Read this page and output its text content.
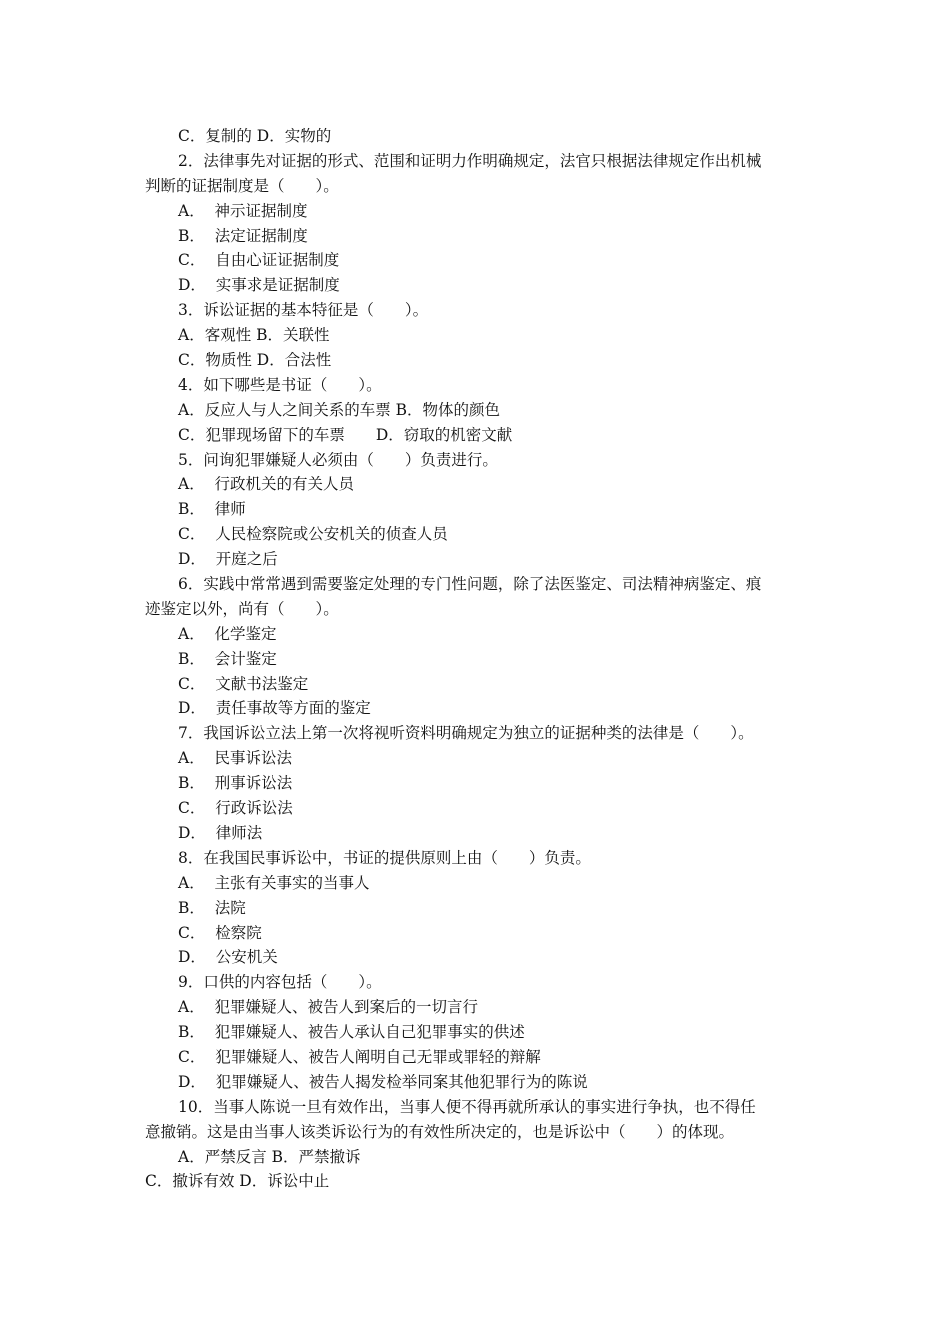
C．复制的 D．实物的
2．法律事先对证据的形式、范围和证明力作明确规定，法官只根据法律规定作出机械
判断的证据制度是（　　）。
A．  神示证据制度
B．  法定证据制度
C．  自由心证证据制度
D．  实事求是证据制度
3．诉讼证据的基本特征是（　　）。
A．客观性 B．关联性
C．物质性 D．合法性
4．如下哪些是书证（　　）。
A．反应人与人之间关系的车票 B．物体的颜色
C．犯罪现场留下的车票　　D．窃取的机密文献
5．问询犯罪嫌疑人必须由（　　）负责进行。
A．  行政机关的有关人员
B．  律师
C．  人民检察院或公安机关的侦查人员
D．  开庭之后
6．实践中常常遇到需要鉴定处理的专门性问题，除了法医鉴定、司法精神病鉴定、痕
迹鉴定以外，尚有（　　）。
A．  化学鉴定
B．  会计鉴定
C．  文献书法鉴定
D．  责任事故等方面的鉴定
7．我国诉讼立法上第一次将视听资料明确规定为独立的证据种类的法律是（　　）。
A．  民事诉讼法
B．  刑事诉讼法
C．  行政诉讼法
D．  律师法
8．在我国民事诉讼中，书证的提供原则上由（　　）负责。
A．  主张有关事实的当事人
B．  法院
C．  检察院
D．  公安机关
9．口供的内容包括（　　）。
A．  犯罪嫌疑人、被告人到案后的一切言行
B．  犯罪嫌疑人、被告人承认自己犯罪事实的供述
C．  犯罪嫌疑人、被告人阐明自己无罪或罪轻的辩解
D．  犯罪嫌疑人、被告人揭发检举同案其他犯罪行为的陈说
10．当事人陈说一旦有效作出，当事人便不得再就所承认的事实进行争执，也不得任
意撤销。这是由当事人该类诉讼行为的有效性所决定的，也是诉讼中（　　）的体现。
A．严禁反言 B．严禁撤诉
C．撤诉有效 D．诉讼中止
